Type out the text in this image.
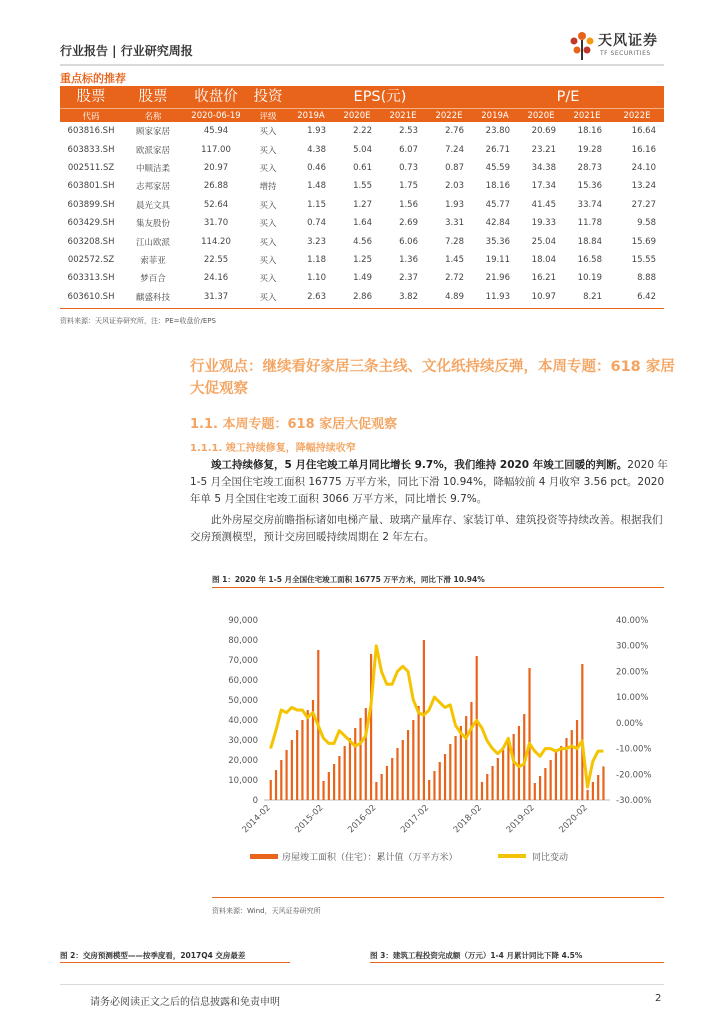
行业报告 | 行业研究周报
天风证券
TF SECURITIES
重点标的推荐
股票	股票	收盘价	投资	EPS(元)				P/E			
代码	名称	2020-06-19	评级	2019A	2020E	2021E	2022E	2019A	2020E	2021E	2022E
603816.SH	顾家家居	45.94	买入	1.93	2.22	2.53	2.76	23.80	20.69	18.16	16.64
603833.SH	欧派家居	117.00	买入	4.38	5.04	6.07	7.24	26.71	23.21	19.28	16.16
002511.SZ	中顺洁柔	20.97	买入	0.46	0.61	0.73	0.87	45.59	34.38	28.73	24.10
603801.SH	志邦家居	26.88	增持	1.48	1.55	1.75	2.03	18.16	17.34	15.36	13.24
603899.SH	晨光文具	52.64	买入	1.15	1.27	1.56	1.93	45.77	41.45	33.74	27.27
603429.SH	集友股份	31.70	买入	0.74	1.64	2.69	3.31	42.84	19.33	11.78	9.58
603208.SH	江山欧派	114.20	买入	3.23	4.56	6.06	7.28	35.36	25.04	18.84	15.69
002572.SZ	索菲亚	22.55	买入	1.18	1.25	1.36	1.45	19.11	18.04	16.58	15.55
603313.SH	梦百合	24.16	买入	1.10	1.49	2.37	2.72	21.96	16.21	10.19	8.88
603610.SH	麒盛科技	31.37	买入	2.63	2.86	3.82	4.89	11.93	10.97	8.21	6.42
资料来源：天风证券研究所，注：PE=收盘价/EPS
行业观点：继续看好家居三条主线、文化纸持续反弹，本周专题：618 家居大促观察
1.1. 本周专题：618 家居大促观察
1.1.1. 竣工持续修复，降幅持续收窄
竣工持续修复，5 月住宅竣工单月同比增长 9.7%，我们维持 2020 年竣工回暖的判断。2020 年 1-5 月全国住宅竣工面积 16775 万平方米，同比下滑 10.94%，降幅较前 4 月收窄 3.56 pct。2020 年单 5 月全国住宅竣工面积 3066 万平方米，同比增长 9.7%。
此外房屋交房前瞻指标诸如电梯产量、玻璃产量库存、家装订单、建筑投资等持续改善。根据我们交房预测模型，预计交房回暖持续周期在 2 年左右。
图 1：2020 年 1-5 月全国住宅竣工面积 16775 万平方米，同比下滑 10.94%
0
10,000
20,000
30,000
40,000
50,000
60,000
70,000
80,000
90,000
-30.00%
-20.00%
-10.00%
0.00%
10.00%
20.00%
30.00%
40.00%
2014-02 2015-02 2016-02 2017-02 2018-02 2019-02 2020-02
房屋竣工面积（住宅）：累计值（万平方米）	同比变动
资料来源：Wind，天风证券研究所
图 2：交房预测模型——按季度看，2017Q4 交房最差	图 3：建筑工程投资完成额（万元）1-4 月累计同比下降 4.5%
请务必阅读正文之后的信息披露和免责申明	2
